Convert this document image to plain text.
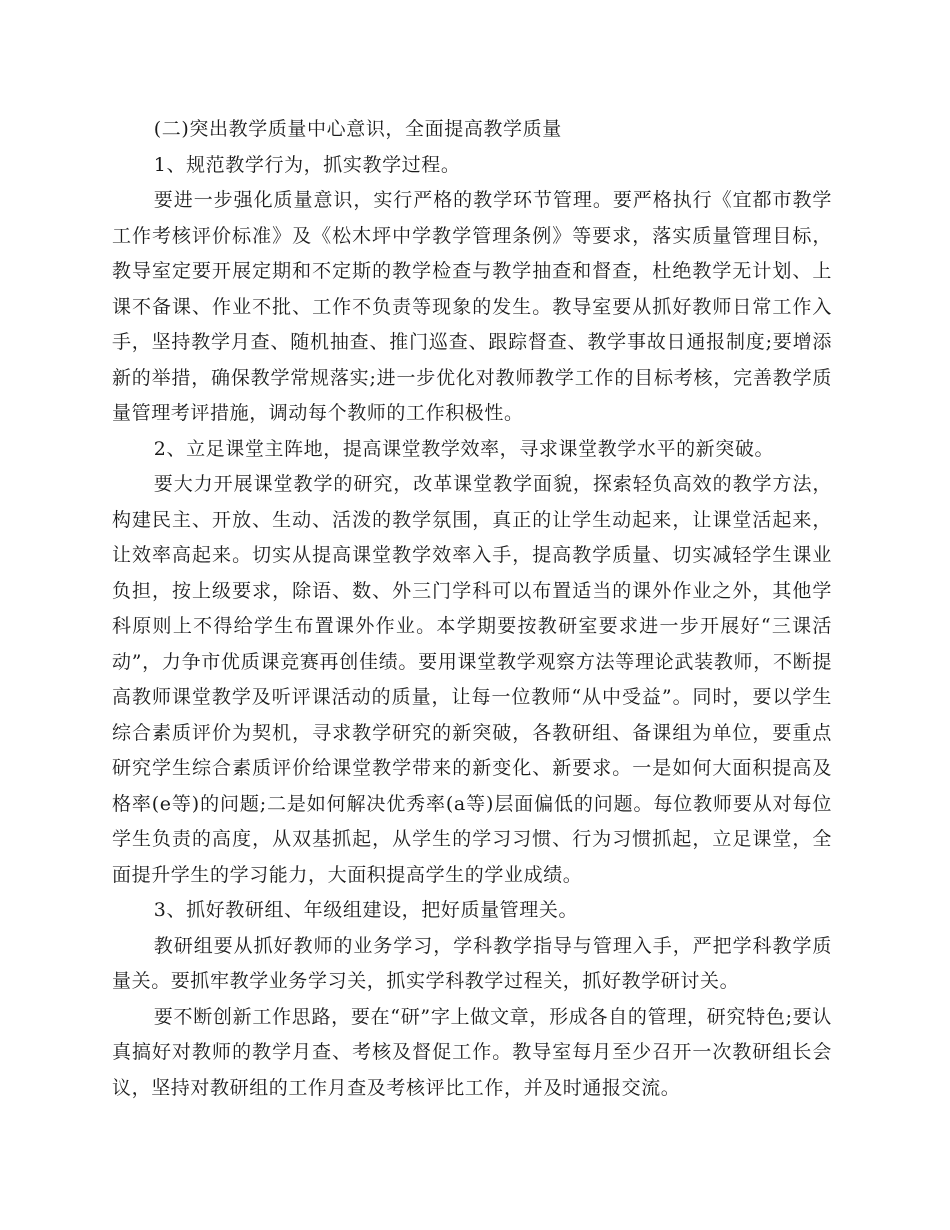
(二)突出教学质量中心意识，全面提高教学质量

1、规范教学行为，抓实教学过程。

要进一步强化质量意识，实行严格的教学环节管理。要严格执行《宜都市教学工作考核评价标准》及《松木坪中学教学管理条例》等要求，落实质量管理目标，教导室定要开展定期和不定斯的教学检查与教学抽查和督查，杜绝教学无计划、上课不备课、作业不批、工作不负责等现象的发生。教导室要从抓好教师日常工作入手，坚持教学月查、随机抽查、推门巡查、跟踪督查、教学事故日通报制度;要增添新的举措，确保教学常规落实;进一步优化对教师教学工作的目标考核，完善教学质量管理考评措施，调动每个教师的工作积极性。

2、立足课堂主阵地，提高课堂教学效率，寻求课堂教学水平的新突破。

要大力开展课堂教学的研究，改革课堂教学面貌，探索轻负高效的教学方法，构建民主、开放、生动、活泼的教学氛围，真正的让学生动起来，让课堂活起来，让效率高起来。切实从提高课堂教学效率入手，提高教学质量、切实减轻学生课业负担，按上级要求，除语、数、外三门学科可以布置适当的课外作业之外，其他学科原则上不得给学生布置课外作业。本学期要按教研室要求进一步开展好“三课活动”，力争市优质课竞赛再创佳绩。要用课堂教学观察方法等理论武装教师，不断提高教师课堂教学及听评课活动的质量，让每一位教师“从中受益”。同时，要以学生综合素质评价为契机，寻求教学研究的新突破，各教研组、备课组为单位，要重点研究学生综合素质评价给课堂教学带来的新变化、新要求。一是如何大面积提高及格率(e等)的问题;二是如何解决优秀率(a等)层面偏低的问题。每位教师要从对每位学生负责的高度，从双基抓起，从学生的学习习惯、行为习惯抓起，立足课堂，全面提升学生的学习能力，大面积提高学生的学业成绩。

3、抓好教研组、年级组建设，把好质量管理关。

教研组要从抓好教师的业务学习，学科教学指导与管理入手，严把学科教学质量关。要抓牢教学业务学习关，抓实学科教学过程关，抓好教学研讨关。

要不断创新工作思路，要在“研”字上做文章，形成各自的管理，研究特色;要认真搞好对教师的教学月查、考核及督促工作。教导室每月至少召开一次教研组长会议，坚持对教研组的工作月查及考核评比工作，并及时通报交流。
